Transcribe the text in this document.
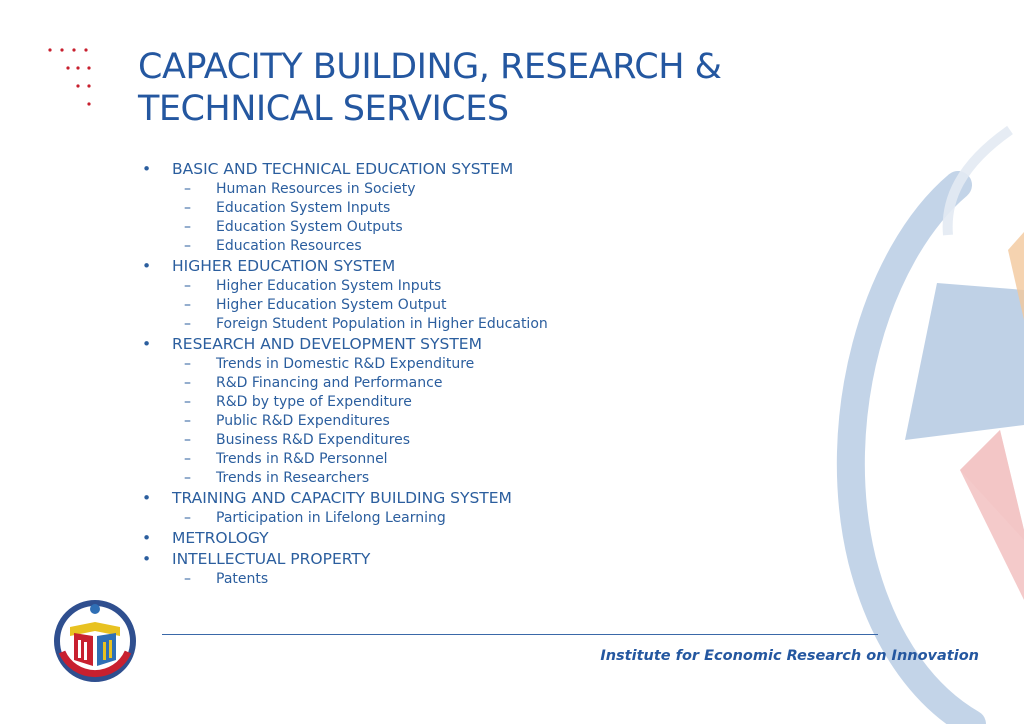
CAPACITY BUILDING, RESEARCH &
TECHNICAL SERVICES
• BASIC AND TECHNICAL EDUCATION SYSTEM
– Human Resources in Society
– Education System Inputs
– Education System Outputs
– Education Resources
• HIGHER EDUCATION SYSTEM
– Higher Education System Inputs
– Higher Education System Output
– Foreign Student Population in Higher Education
• RESEARCH AND DEVELOPMENT SYSTEM
– Trends in Domestic R&D Expenditure
– R&D Financing and Performance
– R&D by type of Expenditure
– Public R&D Expenditures
– Business R&D Expenditures
– Trends in R&D Personnel
– Trends in Researchers
• TRAINING AND CAPACITY BUILDING SYSTEM
– Participation in Lifelong Learning
• METROLOGY
• INTELLECTUAL PROPERTY
– Patents
Institute for Economic Research on Innovation
